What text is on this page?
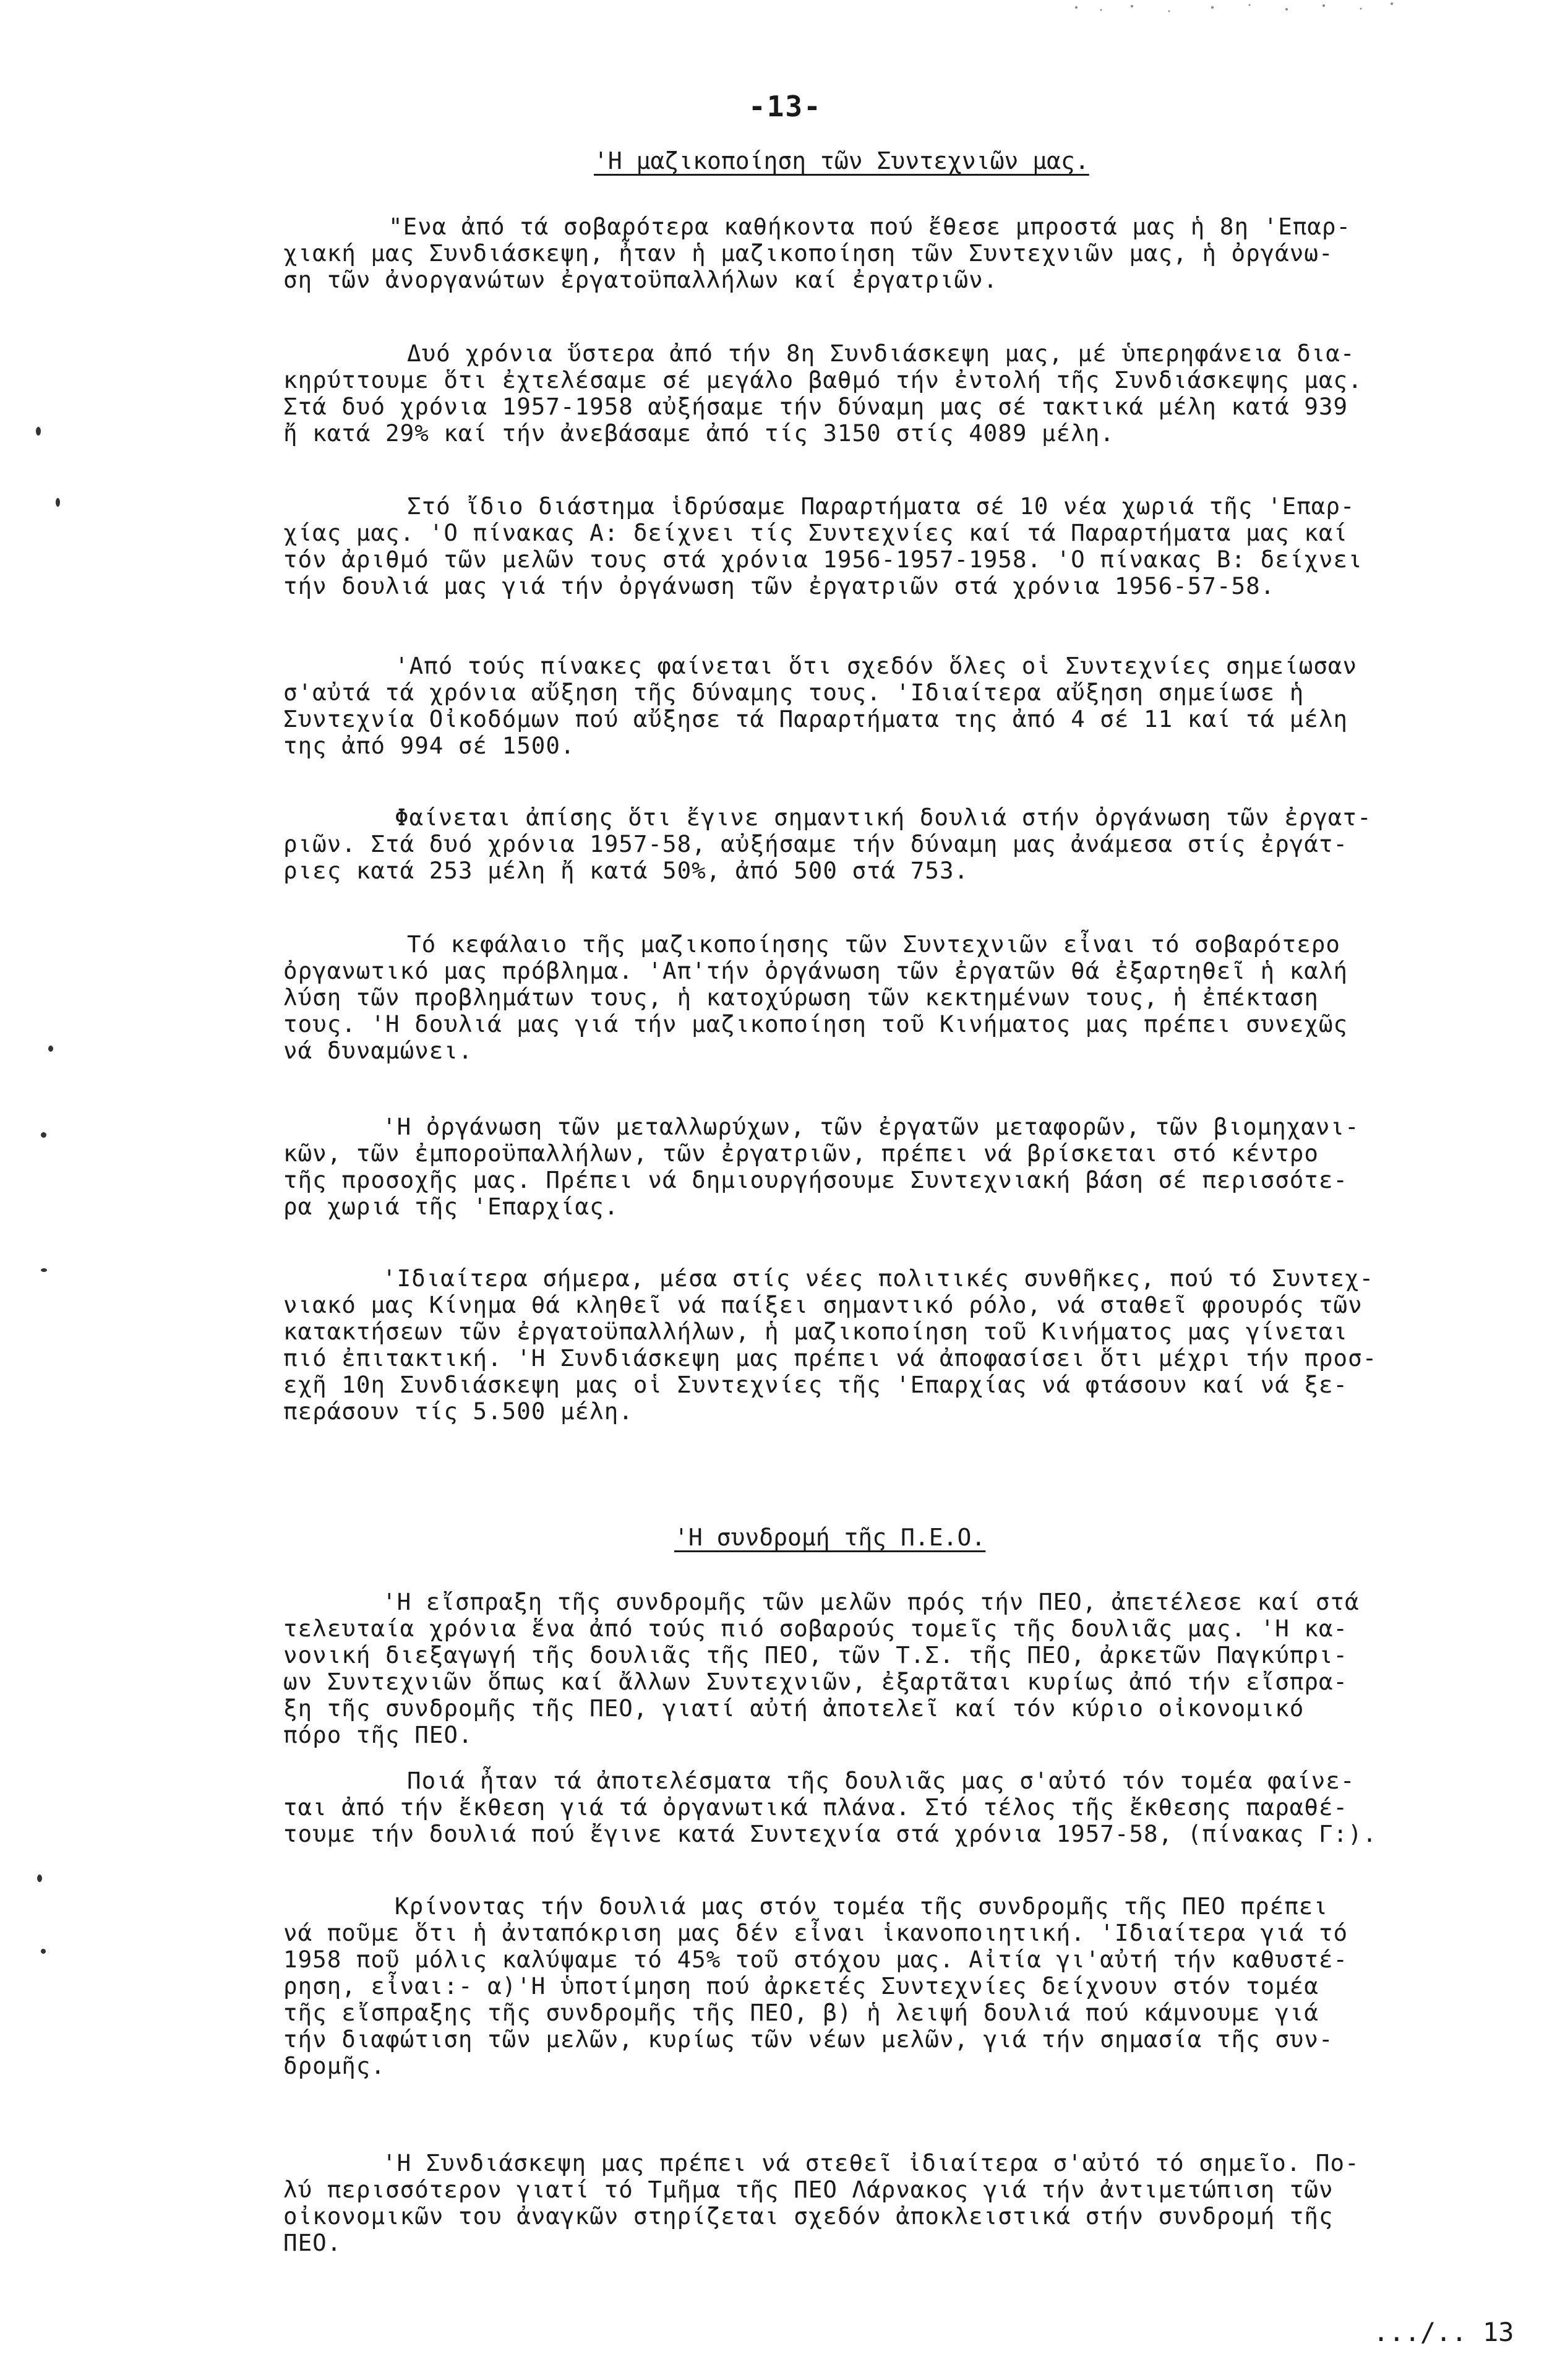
-13-
'Η μαζικοποίηση τῶν Συντεχνιῶν μας.
"Ενα ἀπό τά σοβαρότερα καθήκοντα πού ἔθεσε μπροστά μας ἡ 8η 'Επαρ-
χιακή μας Συνδιάσκεψη, ἦταν ἡ μαζικοποίηση τῶν Συντεχνιῶν μας, ἡ ὀργάνω-
ση τῶν ἀνοργανώτων ἐργατοϋπαλλήλων καί ἐργατριῶν.
Δυό χρόνια ὕστερα ἀπό τήν 8η Συνδιάσκεψη μας, μέ ὑπερηφάνεια δια-
κηρύττουμε ὅτι ἐχτελέσαμε σέ μεγάλο βαθμό τήν ἐντολή τῆς Συνδιάσκεψης μας.
Στά δυό χρόνια 1957-1958 αὐξήσαμε τήν δύναμη μας σέ τακτικά μέλη κατά 939
ἤ κατά 29% καί τήν ἀνεβάσαμε ἀπό τίς 3150 στίς 4089 μέλη.
Στό ἴδιο διάστημα ἱδρύσαμε Παραρτήματα σέ 10 νέα χωριά τῆς 'Επαρ-
χίας μας. 'Ο πίνακας Α: δείχνει τίς Συντεχνίες καί τά Παραρτήματα μας καί
τόν ἀριθμό τῶν μελῶν τους στά χρόνια 1956-1957-1958. 'Ο πίνακας Β: δείχνει
τήν δουλιά μας γιά τήν ὀργάνωση τῶν ἐργατριῶν στά χρόνια 1956-57-58.
'Από τούς πίνακες φαίνεται ὅτι σχεδόν ὅλες οἱ Συντεχνίες σημείωσαν
σ'αὐτά τά χρόνια αὔξηση τῆς δύναμης τους. 'Ιδιαίτερα αὔξηση σημείωσε ἡ
Συντεχνία Οἰκοδόμων πού αὔξησε τά Παραρτήματα της ἀπό 4 σέ 11 καί τά μέλη
της ἀπό 994 σέ 1500.
Φαίνεται ἀπίσης ὅτι ἔγινε σημαντική δουλιά στήν ὀργάνωση τῶν ἐργατ-
ριῶν. Στά δυό χρόνια 1957-58, αὐξήσαμε τήν δύναμη μας ἀνάμεσα στίς ἐργάτ-
ριες κατά 253 μέλη ἤ κατά 50%, ἀπό 500 στά 753.
Τό κεφάλαιο τῆς μαζικοποίησης τῶν Συντεχνιῶν εἶναι τό σοβαρότερο
ὀργανωτικό μας πρόβλημα. 'Απ'τήν ὀργάνωση τῶν ἐργατῶν θά ἐξαρτηθεῖ ἡ καλή
λύση τῶν προβλημάτων τους, ἡ κατοχύρωση τῶν κεκτημένων τους, ἡ ἐπέκταση
τους. 'Η δουλιά μας γιά τήν μαζικοποίηση τοῦ Κινήματος μας πρέπει συνεχῶς
νά δυναμώνει.
'Η ὀργάνωση τῶν μεταλλωρύχων, τῶν ἐργατῶν μεταφορῶν, τῶν βιομηχανι-
κῶν, τῶν ἐμποροϋπαλλήλων, τῶν ἐργατριῶν, πρέπει νά βρίσκεται στό κέντρο
τῆς προσοχῆς μας. Πρέπει νά δημιουργήσουμε Συντεχνιακή βάση σέ περισσότε-
ρα χωριά τῆς 'Επαρχίας.
'Ιδιαίτερα σήμερα, μέσα στίς νέες πολιτικές συνθῆκες, πού τό Συντεχ-
νιακό μας Κίνημα θά κληθεῖ νά παίξει σημαντικό ρόλο, νά σταθεῖ φρουρός τῶν
κατακτήσεων τῶν ἐργατοϋπαλλήλων, ἡ μαζικοποίηση τοῦ Κινήματος μας γίνεται
πιό ἐπιτακτική. 'Η Συνδιάσκεψη μας πρέπει νά ἀποφασίσει ὅτι μέχρι τήν προσ-
εχῆ 10η Συνδιάσκεψη μας οἱ Συντεχνίες τῆς 'Επαρχίας νά φτάσουν καί νά ξε-
περάσουν τίς 5.500 μέλη.
'Η συνδρομή τῆς Π.Ε.Ο.
'Η εἴσπραξη τῆς συνδρομῆς τῶν μελῶν πρός τήν ΠΕΟ, ἀπετέλεσε καί στά
τελευταία χρόνια ἕνα ἀπό τούς πιό σοβαρούς τομεῖς τῆς δουλιᾶς μας. 'Η κα-
νονική διεξαγωγή τῆς δουλιᾶς τῆς ΠΕΟ, τῶν Τ.Σ. τῆς ΠΕΟ, ἀρκετῶν Παγκύπρι-
ων Συντεχνιῶν ὅπως καί ἄλλων Συντεχνιῶν, ἐξαρτᾶται κυρίως ἀπό τήν εἴσπρα-
ξη τῆς συνδρομῆς τῆς ΠΕΟ, γιατί αὐτή ἀποτελεῖ καί τόν κύριο οἰκονομικό
πόρο τῆς ΠΕΟ.
Ποιά ἦταν τά ἀποτελέσματα τῆς δουλιᾶς μας σ'αὐτό τόν τομέα φαίνε-
ται ἀπό τήν ἔκθεση γιά τά ὀργανωτικά πλάνα. Στό τέλος τῆς ἔκθεσης παραθέ-
τουμε τήν δουλιά πού ἔγινε κατά Συντεχνία στά χρόνια 1957-58, (πίνακας Γ:).
Κρίνοντας τήν δουλιά μας στόν τομέα τῆς συνδρομῆς τῆς ΠΕΟ πρέπει
νά ποῦμε ὅτι ἡ ἀνταπόκριση μας δέν εἶναι ἱκανοποιητική. 'Ιδιαίτερα γιά τό
1958 ποῦ μόλις καλύψαμε τό 45% τοῦ στόχου μας. Αἰτία γι'αὐτή τήν καθυστέ-
ρηση, εἶναι:- α)'Η ὑποτίμηση πού ἀρκετές Συντεχνίες δείχνουν στόν τομέα
τῆς εἴσπραξης τῆς συνδρομῆς τῆς ΠΕΟ, β) ἡ λειψή δουλιά πού κάμνουμε γιά
τήν διαφώτιση τῶν μελῶν, κυρίως τῶν νέων μελῶν, γιά τήν σημασία τῆς συν-
δρομῆς.
'Η Συνδιάσκεψη μας πρέπει νά στεθεῖ ἰδιαίτερα σ'αὐτό τό σημεῖο. Πο-
λύ περισσότερον γιατί τό Τμῆμα τῆς ΠΕΟ Λάρνακος γιά τήν ἀντιμετώπιση τῶν
οἰκονομικῶν του ἀναγκῶν στηρίζεται σχεδόν ἀποκλειστικά στήν συνδρομή τῆς
ΠΕΟ.
.../.. 13
